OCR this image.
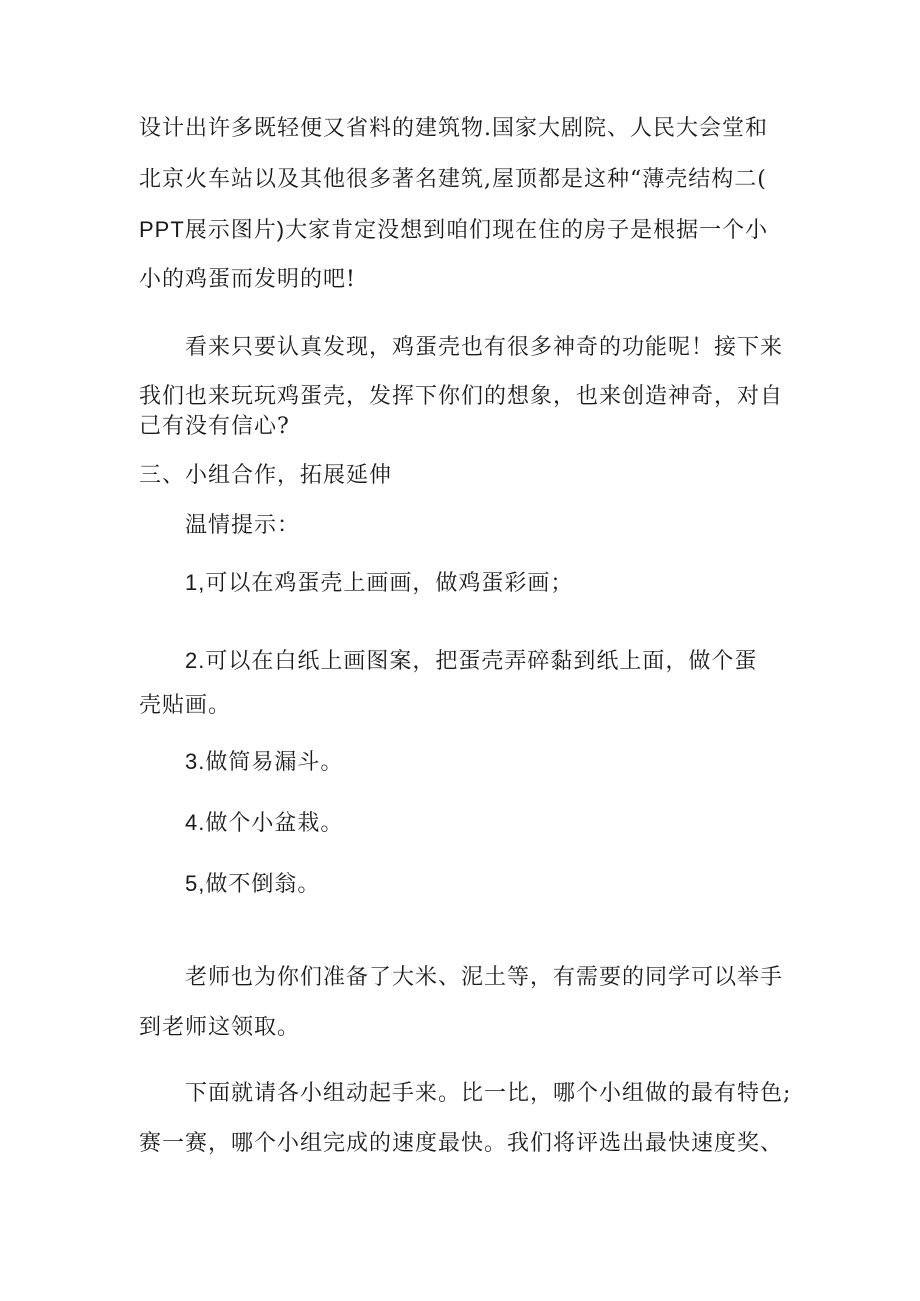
设计出许多既轻便又省料的建筑物.国家大剧院、人民大会堂和
北京火车站以及其他很多著名建筑,屋顶都是这种“薄壳结构二(
PPT展示图片)大家肯定没想到咱们现在住的房子是根据一个小
小的鸡蛋而发明的吧!
看来只要认真发现，鸡蛋壳也有很多神奇的功能呢！接下来
我们也来玩玩鸡蛋壳，发挥下你们的想象，也来创造神奇，对自
己有没有信心?
三、小组合作，拓展延伸
温情提示：
1,可以在鸡蛋壳上画画，做鸡蛋彩画；
2.可以在白纸上画图案，把蛋壳弄碎黏到纸上面，做个蛋
壳贴画。
3.做简易漏斗。
4.做个小盆栽。
5,做不倒翁。
老师也为你们准备了大米、泥土等，有需要的同学可以举手
到老师这领取。
下面就请各小组动起手来。比一比，哪个小组做的最有特色;
赛一赛，哪个小组完成的速度最快。我们将评选出最快速度奖、
